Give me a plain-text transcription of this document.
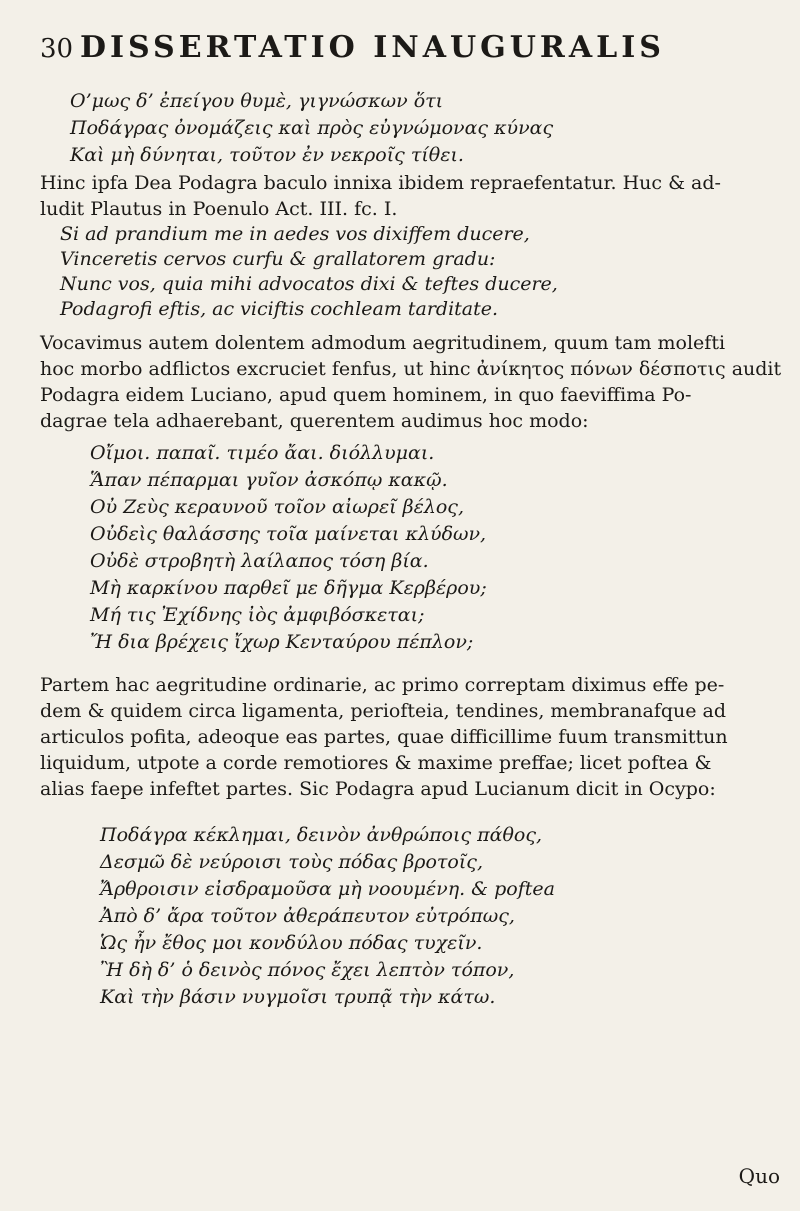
30 DISSERTATIO INAUGURALIS
O’μως δ’ ἐπείγου θυμὲ, γιγνώσκων ὅτι
Ποδάγρας ὀνομάζεις καὶ πρὸς εὐγνώμονας κύνας
Καὶ μὴ δύνηται, τοῦτον ἐν νεκροῖς τίθει.
Hinc ipfa Dea Podagra baculo innixa ibidem repraefentatur. Huc & ad-
ludit Plautus in Poenulo Act. III. fc. I.
Si ad prandium me in aedes vos dixiffem ducere,
Vinceretis cervos curfu & grallatorem gradu:
Nunc vos, quia mihi advocatos dixi & teftes ducere,
Podagrofi eftis, ac viciftis cochleam tarditate.
Vocavimus autem dolentem admodum aegritudinem, quum tam molefti
hoc morbo adflictos excruciet fenfus, ut hinc ἀνίκητος πόνων δέσποτις audit
Podagra eidem Luciano, apud quem hominem, in quo faeviffima Po-
dagrae tela adhaerebant, querentem audimus hoc modo:
Οἴμοι. παπαῖ. τιμέο ἄαι. διόλλυμαι.
Ἅπαν πέπαρμαι γυῖον ἀσκόπῳ κακῷ.
Οὐ Ζεὺς κεραυνοῦ τοῖον αἰωρεῖ βέλος,
Οὐδεὶς θαλάσσης τοῖα μαίνεται κλύδων,
Οὐδὲ στροβητὴ λαίλαπος τόση βία.
Μὴ καρκίνου παρθεῖ με δῆγμα Κερβέρου;
Μή τις Ἐχίδνης ἰὸς ἀμφιβόσκεται;
Ἤ δια βρέχεις ἴχωρ Κενταύρου πέπλον;
Partem hac aegritudine ordinarie, ac primo correptam diximus effe pe-
dem & quidem circa ligamenta, periofteia, tendines, membranafque ad
articulos pofita, adeoque eas partes, quae difficillime fuum transmittun
liquidum, utpote a corde remotiores & maxime preffae; licet poftea &
alias faepe infeftet partes. Sic Podagra apud Lucianum dicit in Ocypo:
Ποδάγρα κέκλημαι, δεινὸν ἀνθρώποις πάθος,
Δεσμῶ δὲ νεύροισι τοὺς πόδας βροτοῖς,
Ἄρθροισιν εἰσδραμοῦσα μὴ νοουμένη. & poftea
Ἀπὸ δ’ ἄρα τοῦτον ἀθεράπευτον εὐτρόπως,
Ὡς ἦν ἔθος μοι κονδύλου πόδας τυχεῖν.
Ἢ δὴ δ’ ὁ δεινὸς πόνος ἔχει λεπτὸν τόπον,
Καὶ τὴν βάσιν νυγμοῖσι τρυπᾷ τὴν κάτω.
Quo
